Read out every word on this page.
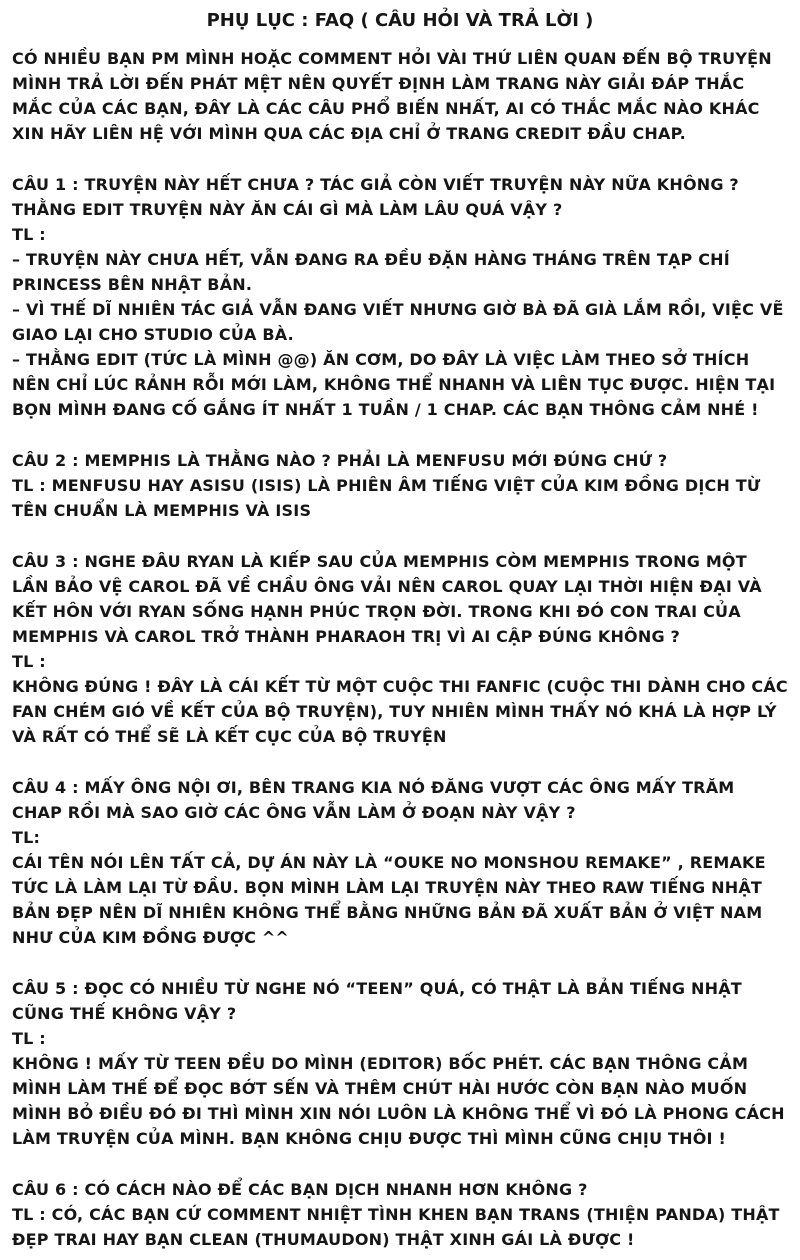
PHỤ LỤC : FAQ ( CÂU HỎI VÀ TRẢ LỜI )

CÓ NHIỀU BẠN PM MÌNH HOẶC COMMENT HỎI VÀI THỨ LIÊN QUAN ĐẾN BỘ TRUYỆN MÌNH TRẢ LỜI ĐẾN PHÁT MỆT NÊN QUYẾT ĐỊNH LÀM TRANG NÀY GIẢI ĐÁP THẮC MẮC CỦA CÁC BẠN, ĐÂY LÀ CÁC CÂU PHỔ BIẾN NHẤT, AI CÓ THẮC MẮC NÀO KHÁC XIN HÃY LIÊN HỆ VỚI MÌNH QUA CÁC ĐỊA CHỈ Ở TRANG CREDIT ĐẦU CHAP.

CÂU 1 : TRUYỆN NÀY HẾT CHƯA ? TÁC GIẢ CÒN VIẾT TRUYỆN NÀY NỮA KHÔNG ? THẰNG EDIT TRUYỆN NÀY ĂN CÁI GÌ MÀ LÀM LÂU QUÁ VẬY ?

TL :

– TRUYỆN NÀY CHƯA HẾT, VẪN ĐANG RA ĐỀU ĐẶN HÀNG THÁNG TRÊN TẠP CHÍ PRINCESS BÊN NHẬT BẢN.

– VÌ THẾ DĨ NHIÊN TÁC GIẢ VẪN ĐANG VIẾT NHƯNG GIỜ BÀ ĐÃ GIÀ LẮM RỒI, VIỆC VẼ GIAO LẠI CHO STUDIO CỦA BÀ.

– THẰNG EDIT (TỨC LÀ MÌNH @@) ĂN CƠM, DO ĐÂY LÀ VIỆC LÀM THEO SỞ THÍCH NÊN CHỈ LÚC RẢNH RỖI MỚI LÀM, KHÔNG THỂ NHANH VÀ LIÊN TỤC ĐƯỢC. HIỆN TẠI BỌN MÌNH ĐANG CỐ GẮNG ÍT NHẤT 1 TUẦN / 1 CHAP. CÁC BẠN THÔNG CẢM NHÉ !

CÂU 2 : MEMPHIS LÀ THẰNG NÀO ? PHẢI LÀ MENFUSU MỚI ĐÚNG CHỨ ?

TL : MENFUSU HAY ASISU (ISIS) LÀ PHIÊN ÂM TIẾNG VIỆT CỦA KIM ĐỒNG DỊCH TỪ TÊN CHUẨN LÀ MEMPHIS VÀ ISIS

CÂU 3 : NGHE ĐÂU RYAN LÀ KIẾP SAU CỦA MEMPHIS CÒM MEMPHIS TRONG MỘT LẦN BẢO VỆ CAROL ĐÃ VỀ CHẦU ÔNG VẢI NÊN CAROL QUAY LẠI THỜI HIỆN ĐẠI VÀ KẾT HÔN VỚI RYAN SỐNG HẠNH PHÚC TRỌN ĐỜI. TRONG KHI ĐÓ CON TRAI CỦA MEMPHIS VÀ CAROL TRỞ THÀNH PHARAOH TRỊ VÌ AI CẬP ĐÚNG KHÔNG ?

TL :

KHÔNG ĐÚNG ! ĐÂY LÀ CÁI KẾT TỪ MỘT CUỘC THI FANFIC (CUỘC THI DÀNH CHO CÁC FAN CHÉM GIÓ VỀ KẾT CỦA BỘ TRUYỆN), TUY NHIÊN MÌNH THẤY NÓ KHÁ LÀ HỢP LÝ VÀ RẤT CÓ THỂ SẼ LÀ KẾT CỤC CỦA BỘ TRUYỆN

CÂU 4 : MẤY ÔNG NỘI ƠI, BÊN TRANG KIA NÓ ĐĂNG VƯỢT CÁC ÔNG MẤY TRĂM CHAP RỒI MÀ SAO GIỜ CÁC ÔNG VẪN LÀM Ở ĐOẠN NÀY VẬY ?

TL:

CÁI TÊN NÓI LÊN TẤT CẢ, DỰ ÁN NÀY LÀ “OUKE NO MONSHOU REMAKE” , REMAKE TỨC LÀ LÀM LẠI TỪ ĐẦU. BỌN MÌNH LÀM LẠI TRUYỆN NÀY THEO RAW TIẾNG NHẬT BẢN ĐẸP NÊN DĨ NHIÊN KHÔNG THỂ BẰNG NHỮNG BẢN ĐÃ XUẤT BẢN Ở VIỆT NAM NHƯ CỦA KIM ĐỒNG ĐƯỢC ^^

CÂU 5 : ĐỌC CÓ NHIỀU TỪ NGHE NÓ “TEEN” QUÁ, CÓ THẬT LÀ BẢN TIẾNG NHẬT CŨNG THẾ KHÔNG VẬY ?

TL :

KHÔNG ! MẤY TỪ TEEN ĐỀU DO MÌNH (EDITOR) BỐC PHÉT. CÁC BẠN THÔNG CẢM MÌNH LÀM THẾ ĐỂ ĐỌC BỚT SẾN VÀ THÊM CHÚT HÀI HƯỚC CÒN BẠN NÀO MUỐN MÌNH BỎ ĐIỀU ĐÓ ĐI THÌ MÌNH XIN NÓI LUÔN LÀ KHÔNG THỂ VÌ ĐÓ LÀ PHONG CÁCH LÀM TRUYỆN CỦA MÌNH. BẠN KHÔNG CHỊU ĐƯỢC THÌ MÌNH CŨNG CHỊU THÔI !

CÂU 6 : CÓ CÁCH NÀO ĐỂ CÁC BẠN DỊCH NHANH HƠN KHÔNG ?

TL : CÓ, CÁC BẠN CỨ COMMENT NHIỆT TÌNH KHEN BẠN TRANS (THIỆN PANDA) THẬT ĐẸP TRAI HAY BẠN CLEAN (THUMAUDON) THẬT XINH GÁI LÀ ĐƯỢC !
